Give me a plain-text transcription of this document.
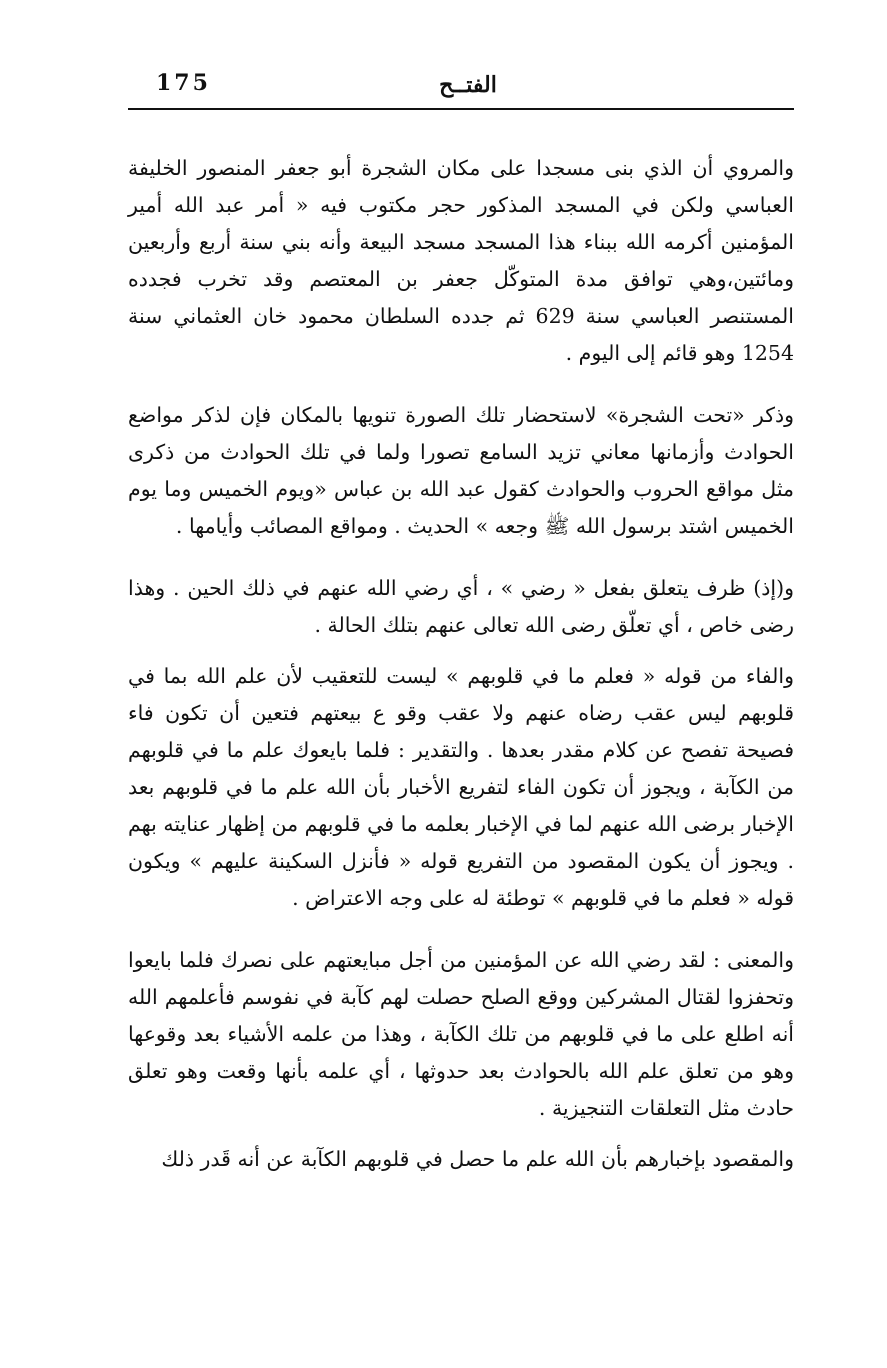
175	الفتــح

والمروي أن الذي بنى مسجدا على مكان الشجرة أبو جعفر المنصور الخليفة العباسي ولكن في المسجد المذكور حجر مكتوب فيه « أمر عبد الله أمير المؤمنين أكرمه الله ببناء هذا المسجد مسجد البيعة وأنه بني سنة أربع وأربعين ومائتين،وهي توافق مدة المتوكّل جعفر بن المعتصم وقد تخرب فجدده المستنصر العباسي سنة 629 ثم جدده السلطان محمود خان العثماني سنة 1254 وهو قائم إلى اليوم .

وذكر «تحت الشجرة» لاستحضار تلك الصورة تنويها بالمكان فإن لذكر مواضع الحوادث وأزمانها معاني تزيد السامع تصورا ولما في تلك الحوادث من ذكرى مثل مواقع الحروب والحوادث كقول عبد الله بن عباس «ويوم الخميس وما يوم الخميس اشتد برسول الله ﷺ وجعه » الحديث . ومواقع المصائب وأيامها .

و(إذ) ظرف يتعلق بفعل « رضي » ، أي رضي الله عنهم في ذلك الحين . وهذا رضى خاص ، أي تعلّق رضى الله تعالى عنهم بتلك الحالة .

والفاء من قوله « فعلم ما في قلوبهم » ليست للتعقيب لأن علم الله بما في قلوبهم ليس عقب رضاه عنهم ولا عقب وقو ع بيعتهم فتعين أن تكون فاء فصيحة تفصح عن كلام مقدر بعدها . والتقدير : فلما بايعوك علم ما في قلوبهم من الكآبة ، ويجوز أن تكون الفاء لتفريع الأخبار بأن الله علم ما في قلوبهم بعد الإخبار برضى الله عنهم لما في الإخبار بعلمه ما في قلوبهم من إظهار عنايته بهم . ويجوز أن يكون المقصود من التفريع قوله « فأنزل السكينة عليهم » ويكون قوله « فعلم ما في قلوبهم » توطئة له على وجه الاعتراض .

والمعنى : لقد رضي الله عن المؤمنين من أجل مبايعتهم على نصرك فلما بايعوا وتحفزوا لقتال المشركين ووقع الصلح حصلت لهم كآبة في نفوسم فأعلمهم الله أنه اطلع على ما في قلوبهم من تلك الكآبة ، وهذا من علمه الأشياء بعد وقوعها وهو من تعلق علم الله بالحوادث بعد حدوثها ، أي علمه بأنها وقعت وهو تعلق حادث مثل التعلقات التنجيزية .

والمقصود بإخبارهم بأن الله علم ما حصل في قلوبهم الكآبة عن أنه قَدر ذلك
